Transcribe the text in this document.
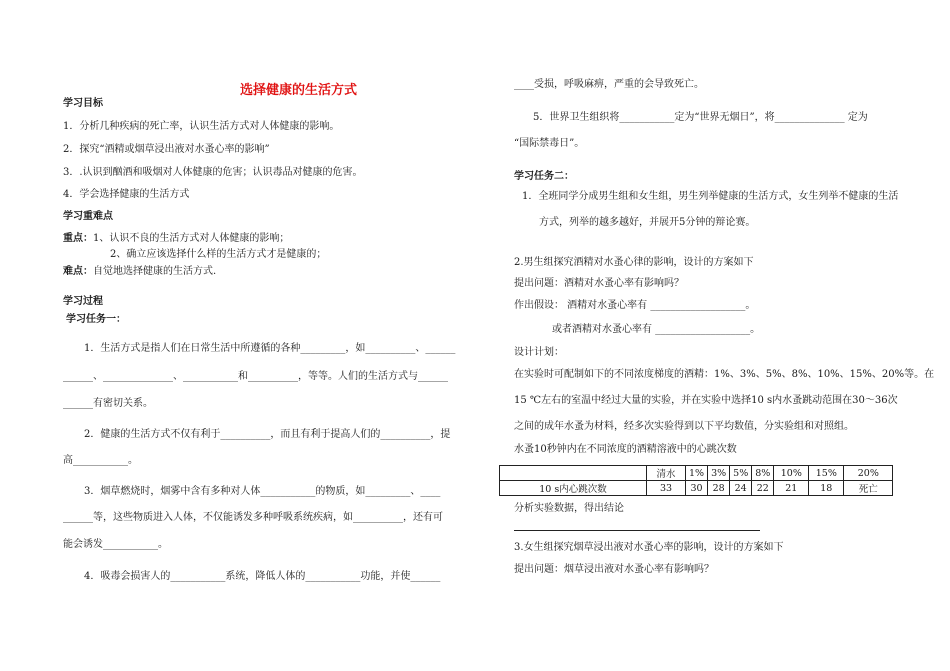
选择健康的生活方式
学习目标
1．分析几种疾病的死亡率，认识生活方式对人体健康的影响。
2．探究“酒精或烟草浸出液对水蚤心率的影响”
3．.认识到酗酒和吸烟对人体健康的危害；认识毒品对健康的危害。
4．学会选择健康的生活方式
学习重难点
重点：1、认识不良的生活方式对人体健康的影响；
2、确立应该选择什么样的生活方式才是健康的；
难点：自觉地选择健康的生活方式.
学习过程
学习任务一：
1．生活方式是指人们在日常生活中所遵循的各种_________，如__________、______
______、______________、___________和__________，等等。人们的生活方式与______
______有密切关系。
2．健康的生活方式不仅有利于__________，而且有利于提高人们的__________，提
高___________。
3．烟草燃烧时，烟雾中含有多种对人体___________的物质，如_________、____
______等，这些物质进入人体，不仅能诱发多种呼吸系统疾病，如__________，还有可
能会诱发___________。
4．吸毒会损害人的___________系统，降低人体的___________功能，并使______
____受损，呼吸麻痹，严重的会导致死亡。
5．世界卫生组织将___________定为“世界无烟日”，将______________ 定为
“国际禁毒日”。
学习任务二：
1．全班同学分成男生组和女生组，男生列举健康的生活方式，女生列举不健康的生活
方式，列举的越多越好，并展开5分钟的辩论赛。
2.男生组探究酒精对水蚤心律的影响，设计的方案如下
提出问题：酒精对水蚤心率有影响吗？
作出假设： 酒精对水蚤心率有 ___________________。
或者酒精对水蚤心率有 ___________________。
设计计划：
在实验时可配制如下的不同浓度梯度的酒精：1%、3%、5%、8%、10%、15%、20%等。在
15 ℃左右的室温中经过大量的实验，并在实验中选择10 s内水蚤跳动范围在30～36次
之间的成年水蚤为材料，经多次实验得到以下平均数值，分实验组和对照组。
水蚤10秒钟内在不同浓度的酒精溶液中的心跳次数
	清水	1%	3%	5%	8%	10%	15%	20%
10 s内心跳次数	33	30	28	24	22	21	18	死亡
分析实验数据，得出结论
3.女生组探究烟草浸出液对水蚤心率的影响，设计的方案如下
提出问题：烟草浸出液对水蚤心率有影响吗？
